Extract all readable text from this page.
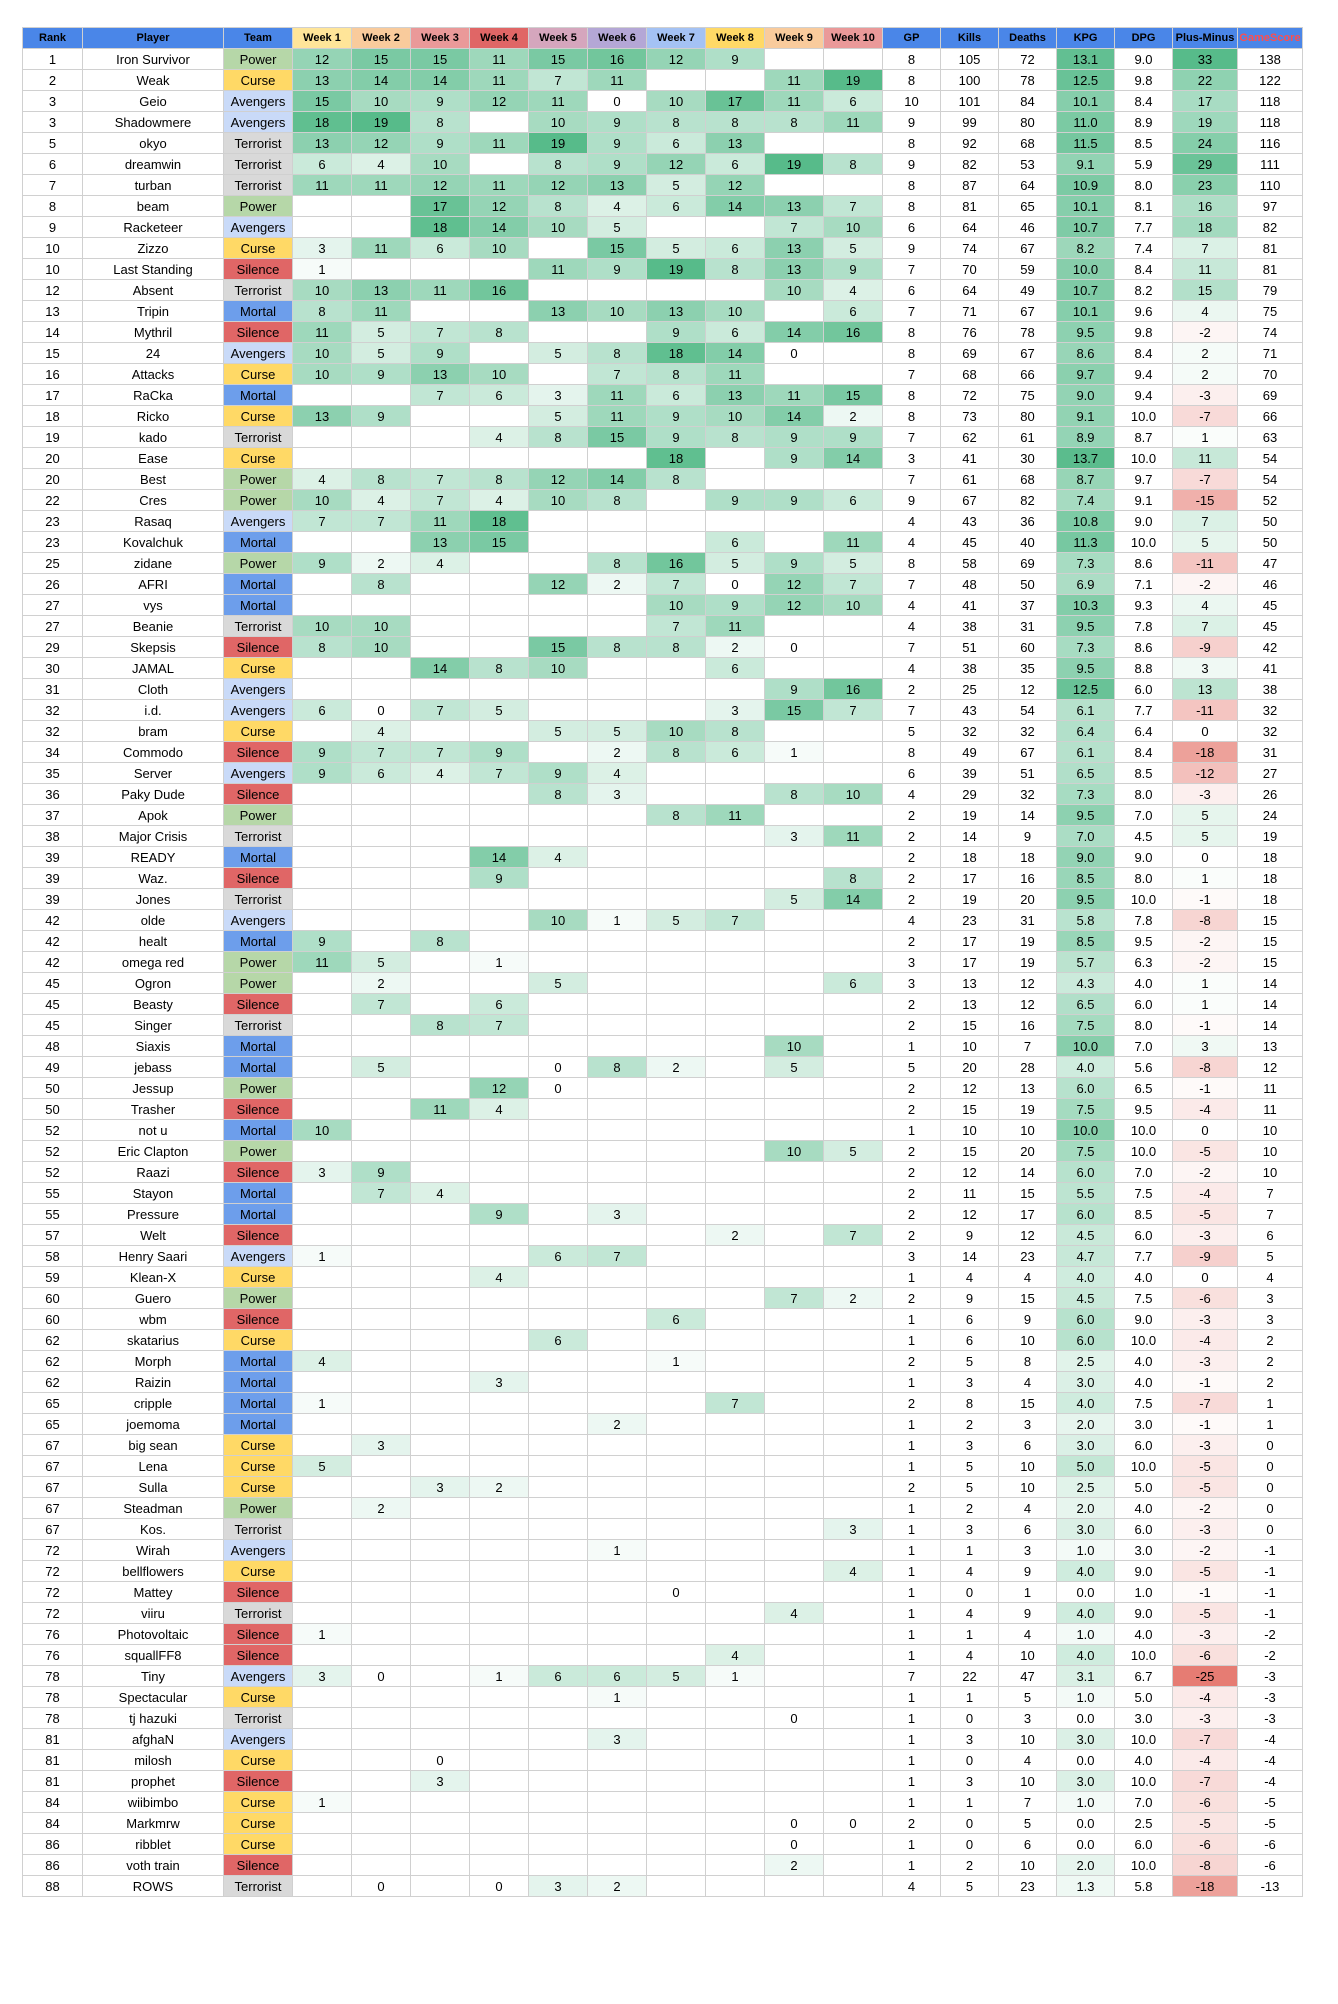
Rank	Player	Team	Week 1	Week 2	Week 3	Week 4	Week 5	Week 6	Week 7	Week 8	Week 9	Week 10	GP	Kills	Deaths	KPG	DPG	Plus-Minus	GameScore
1	Iron Survivor	Power	12	15	15	11	15	16	12	9			8	105	72	13.1	9.0	33	138
2	Weak	Curse	13	14	14	11	7	11			11	19	8	100	78	12.5	9.8	22	122
3	Geio	Avengers	15	10	9	12	11	0	10	17	11	6	10	101	84	10.1	8.4	17	118
3	Shadowmere	Avengers	18	19	8		10	9	8	8	8	11	9	99	80	11.0	8.9	19	118
5	okyo	Terrorist	13	12	9	11	19	9	6	13			8	92	68	11.5	8.5	24	116
6	dreamwin	Terrorist	6	4	10		8	9	12	6	19	8	9	82	53	9.1	5.9	29	111
7	turban	Terrorist	11	11	12	11	12	13	5	12			8	87	64	10.9	8.0	23	110
8	beam	Power			17	12	8	4	6	14	13	7	8	81	65	10.1	8.1	16	97
9	Racketeer	Avengers			18	14	10	5			7	10	6	64	46	10.7	7.7	18	82
10	Zizzo	Curse	3	11	6	10		15	5	6	13	5	9	74	67	8.2	7.4	7	81
10	Last Standing	Silence	1				11	9	19	8	13	9	7	70	59	10.0	8.4	11	81
12	Absent	Terrorist	10	13	11	16					10	4	6	64	49	10.7	8.2	15	79
13	Tripin	Mortal	8	11			13	10	13	10		6	7	71	67	10.1	9.6	4	75
14	Mythril	Silence	11	5	7	8			9	6	14	16	8	76	78	9.5	9.8	-2	74
15	24	Avengers	10	5	9		5	8	18	14	0		8	69	67	8.6	8.4	2	71
16	Attacks	Curse	10	9	13	10		7	8	11			7	68	66	9.7	9.4	2	70
17	RaCka	Mortal			7	6	3	11	6	13	11	15	8	72	75	9.0	9.4	-3	69
18	Ricko	Curse	13	9			5	11	9	10	14	2	8	73	80	9.1	10.0	-7	66
19	kado	Terrorist				4	8	15	9	8	9	9	7	62	61	8.9	8.7	1	63
20	Ease	Curse							18		9	14	3	41	30	13.7	10.0	11	54
20	Best	Power	4	8	7	8	12	14	8				7	61	68	8.7	9.7	-7	54
22	Cres	Power	10	4	7	4	10	8		9	9	6	9	67	82	7.4	9.1	-15	52
23	Rasaq	Avengers	7	7	11	18							4	43	36	10.8	9.0	7	50
23	Kovalchuk	Mortal			13	15				6		11	4	45	40	11.3	10.0	5	50
25	zidane	Power	9	2	4			8	16	5	9	5	8	58	69	7.3	8.6	-11	47
26	AFRI	Mortal		8			12	2	7	0	12	7	7	48	50	6.9	7.1	-2	46
27	vys	Mortal							10	9	12	10	4	41	37	10.3	9.3	4	45
27	Beanie	Terrorist	10	10					7	11			4	38	31	9.5	7.8	7	45
29	Skepsis	Silence	8	10			15	8	8	2	0		7	51	60	7.3	8.6	-9	42
30	JAMAL	Curse			14	8	10			6			4	38	35	9.5	8.8	3	41
31	Cloth	Avengers									9	16	2	25	12	12.5	6.0	13	38
32	i.d.	Avengers	6	0	7	5				3	15	7	7	43	54	6.1	7.7	-11	32
32	bram	Curse		4			5	5	10	8			5	32	32	6.4	6.4	0	32
34	Commodo	Silence	9	7	7	9		2	8	6	1		8	49	67	6.1	8.4	-18	31
35	Server	Avengers	9	6	4	7	9	4					6	39	51	6.5	8.5	-12	27
36	Paky Dude	Silence					8	3			8	10	4	29	32	7.3	8.0	-3	26
37	Apok	Power							8	11			2	19	14	9.5	7.0	5	24
38	Major Crisis	Terrorist									3	11	2	14	9	7.0	4.5	5	19
39	READY	Mortal				14	4						2	18	18	9.0	9.0	0	18
39	Waz.	Silence				9						8	2	17	16	8.5	8.0	1	18
39	Jones	Terrorist									5	14	2	19	20	9.5	10.0	-1	18
42	olde	Avengers					10	1	5	7			4	23	31	5.8	7.8	-8	15
42	healt	Mortal	9		8								2	17	19	8.5	9.5	-2	15
42	omega red	Power	11	5		1							3	17	19	5.7	6.3	-2	15
45	Ogron	Power		2			5					6	3	13	12	4.3	4.0	1	14
45	Beasty	Silence		7		6							2	13	12	6.5	6.0	1	14
45	Singer	Terrorist			8	7							2	15	16	7.5	8.0	-1	14
48	Siaxis	Mortal									10		1	10	7	10.0	7.0	3	13
49	jebass	Mortal		5			0	8	2		5		5	20	28	4.0	5.6	-8	12
50	Jessup	Power				12	0						2	12	13	6.0	6.5	-1	11
50	Trasher	Silence			11	4							2	15	19	7.5	9.5	-4	11
52	not u	Mortal	10										1	10	10	10.0	10.0	0	10
52	Eric Clapton	Power									10	5	2	15	20	7.5	10.0	-5	10
52	Raazi	Silence	3	9									2	12	14	6.0	7.0	-2	10
55	Stayon	Mortal		7	4								2	11	15	5.5	7.5	-4	7
55	Pressure	Mortal				9		3					2	12	17	6.0	8.5	-5	7
57	Welt	Silence								2		7	2	9	12	4.5	6.0	-3	6
58	Henry Saari	Avengers	1				6	7					3	14	23	4.7	7.7	-9	5
59	Klean-X	Curse				4							1	4	4	4.0	4.0	0	4
60	Guero	Power									7	2	2	9	15	4.5	7.5	-6	3
60	wbm	Silence							6				1	6	9	6.0	9.0	-3	3
62	skatarius	Curse					6						1	6	10	6.0	10.0	-4	2
62	Morph	Mortal	4						1				2	5	8	2.5	4.0	-3	2
62	Raizin	Mortal				3							1	3	4	3.0	4.0	-1	2
65	cripple	Mortal	1							7			2	8	15	4.0	7.5	-7	1
65	joemoma	Mortal						2					1	2	3	2.0	3.0	-1	1
67	big sean	Curse		3									1	3	6	3.0	6.0	-3	0
67	Lena	Curse	5										1	5	10	5.0	10.0	-5	0
67	Sulla	Curse			3	2							2	5	10	2.5	5.0	-5	0
67	Steadman	Power		2									1	2	4	2.0	4.0	-2	0
67	Kos.	Terrorist										3	1	3	6	3.0	6.0	-3	0
72	Wirah	Avengers						1					1	1	3	1.0	3.0	-2	-1
72	bellflowers	Curse										4	1	4	9	4.0	9.0	-5	-1
72	Mattey	Silence							0				1	0	1	0.0	1.0	-1	-1
72	viiru	Terrorist									4		1	4	9	4.0	9.0	-5	-1
76	Photovoltaic	Silence	1										1	1	4	1.0	4.0	-3	-2
76	squallFF8	Silence								4			1	4	10	4.0	10.0	-6	-2
78	Tiny	Avengers	3	0		1	6	6	5	1			7	22	47	3.1	6.7	-25	-3
78	Spectacular	Curse						1					1	1	5	1.0	5.0	-4	-3
78	tj hazuki	Terrorist									0		1	0	3	0.0	3.0	-3	-3
81	afghaN	Avengers						3					1	3	10	3.0	10.0	-7	-4
81	milosh	Curse			0								1	0	4	0.0	4.0	-4	-4
81	prophet	Silence			3								1	3	10	3.0	10.0	-7	-4
84	wiibimbo	Curse	1										1	1	7	1.0	7.0	-6	-5
84	Markmrw	Curse									0	0	2	0	5	0.0	2.5	-5	-5
86	ribblet	Curse									0		1	0	6	0.0	6.0	-6	-6
86	voth train	Silence									2		1	2	10	2.0	10.0	-8	-6
88	ROWS	Terrorist		0		0	3	2					4	5	23	1.3	5.8	-18	-13
